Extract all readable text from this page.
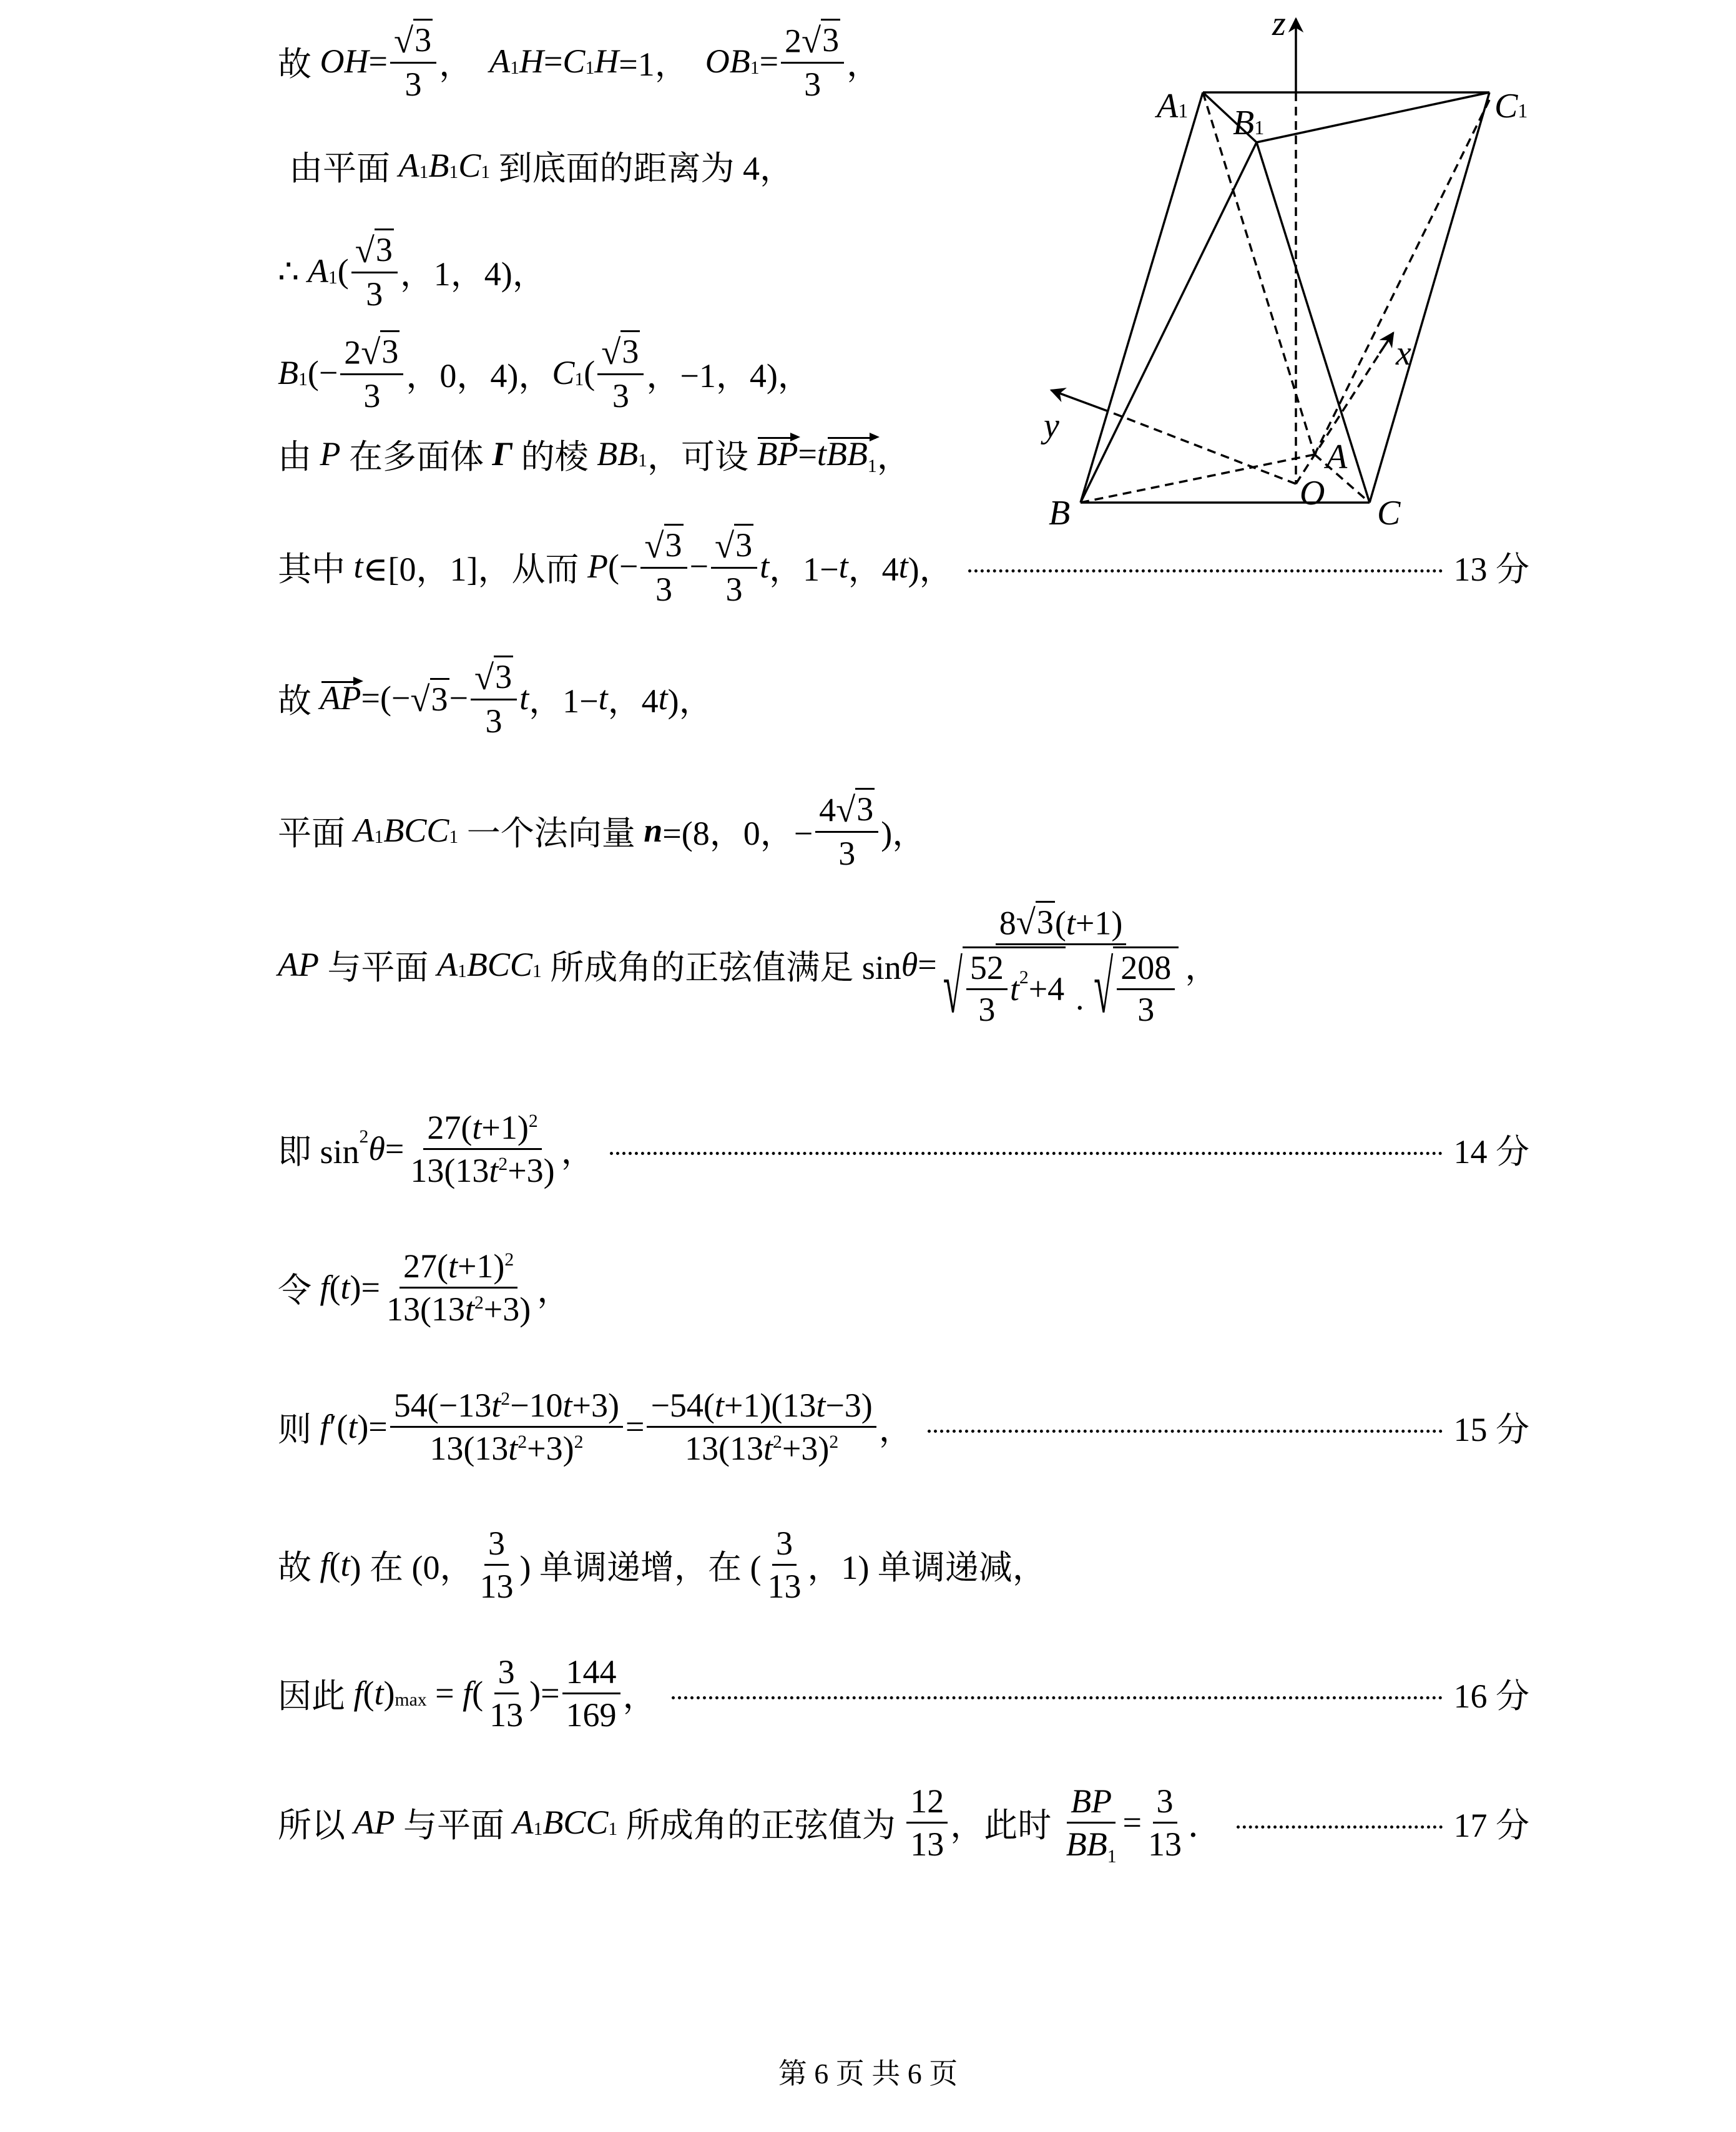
z
x
y
A1 B1
C1
A
B	C
O
故 OH = $\frac{√ 3}{3}$ ， A 1 H = C 1 H =1， OB $1 = \frac{2 √ 3}{3}$ ，
由平面 A 1 B 1 C 1 到底面的距离为 4，
∴ A 1 ( $\frac{√ 3}{3}$ ，1，4)，
B 1 (− $\frac{2 √ 3}{3}$ ，0，4)， C 1 ( $\frac{√ 3}{3}$ ，−1，4)，
由 P 在多面体 Γ 的棱 BB 1 ，可设 BP = t $BB_1$ ，
其中 t ∈[0，1]，从而 P (− $\frac{√ 3}{3} - \frac{√ 3}{3}$ t ，1− t ，4 t )，	13 分
故 AP =(− √ $3 - \frac{√ 3}{3}$ t ，1− t ，4 t )，
平面 A 1 BCC 1 一个法向量 n =(8，0，− $\frac{4 √ 3}{3}$ )，
AP 与平面 A 1 BCC 1 所成角的正弦值满足 sin θ = 8 √ 3 (t+1)
√ $\frac{52}{3}$ t 2 +4
· √ $\frac{208}{3}$ ，
即 sin 2 $\theta = \frac{27(t+1)^2}{13(13t^2+3)}$ ，	14 分
令 f ( t )= $\frac{27(t+1)^2}{13(13t^2+3)}$ ，
则 f ′( t )= $\frac{54(-13t^2-10t+3)}{13(13t^2+3)^2} = \frac{-54(t+1)(13t-3)}{13(13t^2+3)^2}$ ，	15 分
故 f ( t ) 在 (0， $\frac{3}{13}$ ) 单调递增，在 ( $\frac{3}{13}$ ，1) 单调递减，
因此 f ( t ) max = f ( $\frac{3}{13}$ )= $\frac{144}{169}$ ，	16 分
所以 AP 与平面 A 1 BCC 1 所成角的正弦值为 $\frac{12}{13}$ ，此时 $\frac{BP}{BB_1} = \frac{3}{13}$ ．	17 分
第 6 页 共 6 页
